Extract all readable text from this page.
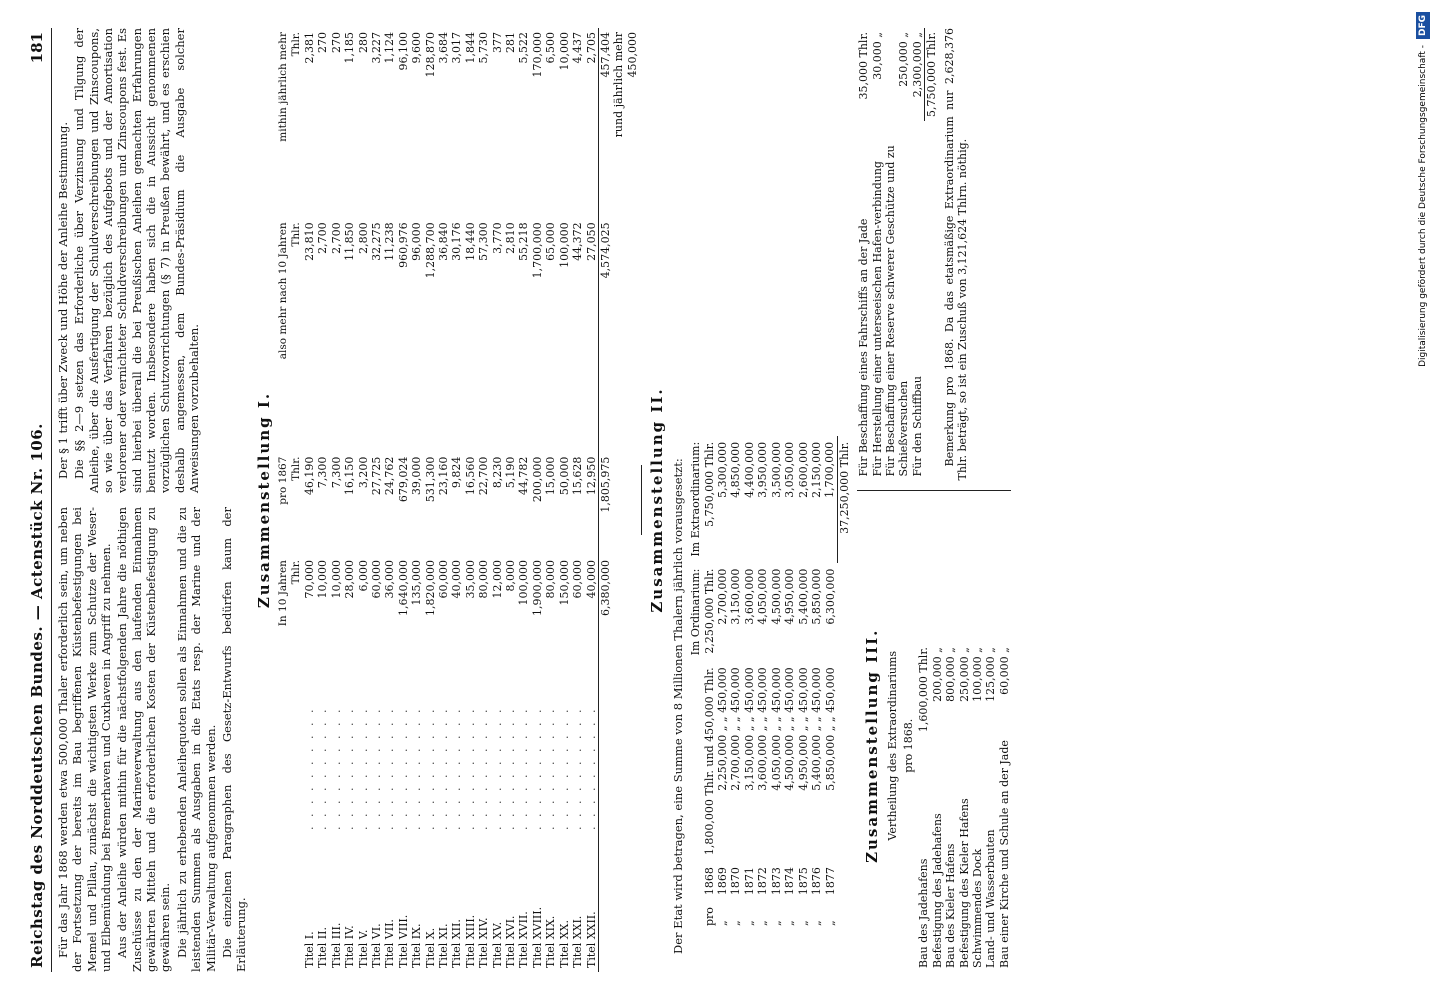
Digitalisierung gefördert durch die Deutsche Forschungsgemeinschaft -DFG
Reichstag des Norddeutschen Bundes. — Actenstück Nr. 106.
181

Für das Jahr 1868 werden etwa 500,000 Thaler erforderlich sein, um neben der Fortsetzung der bereits im Bau begriffenen Küstenbefestigungen bei Memel und Pillau, zunächst die wichtigsten Werke zum Schutze der Weser- und Elbemündung bei Bremerhaven und Cuxhaven in Angriff zu nehmen. Aus der Anleihe würden mithin für die nächstfolgenden Jahre die nöthigen Zuschüsse zu den der Marineverwaltung aus den laufenden Einnahmen gewährten Mitteln und die erforderlichen Kosten der Küstenbefestigung zu gewähren sein. Die jährlich zu erhebenden Anleihequoten sollen als Einnahmen und die zu leistenden Summen als Ausgaben in die Etats resp. der Marine und der Militär-Verwaltung aufgenommen werden. Die einzelnen Paragraphen des Gesetz-Entwurfs bedürfen kaum der Erläuterung.

Der § 1 trifft über Zweck und Höhe der Anleihe Bestimmung. Die §§ 2—9 setzen das Erforderliche über Verzinsung und Tilgung der Anleihe, über die Ausfertigung der Schuldverschreibungen und Zinscoupons, so wie über das Verfahren bezüglich des Aufgebots und der Amortisation verlorener oder vernichteter Schuldverschreibungen und Zinscoupons fest. Es sind hierbei überall die bei Preußischen Anleihen gemachten Erfahrungen benutzt worden. Insbesondere haben sich die in Aussicht genommenen vorzüglichen Schutzvorrichtungen (§ 7) in Preußen bewährt, und es erschien deshalb angemessen, dem Bundes-Präsidium die Ausgabe solcher Anweisungen vorzubehalten.	Zusammenstellung I.
		In 10 Jahren	pro 1867	also mehr nach 10 Jahren	mithin jährlich mehr
		Thlr.	Thlr.	Thlr.	Thlr.
Titel I.	. . . . . . . . . .	70,000	46,190	23,810	2,381
Titel II.	. . . . . . . . . .	10,000	7,300	2,700	270
Titel III.	. . . . . . . . . .	10,000	7,300	2,700	270
Titel IV.	. . . . . . . . . .	28,000	16,150	11,850	1,185
Titel V.	. . . . . . . . . .	6,000	3,200	2,800	280
Titel VI.	. . . . . . . . . .	60,000	27,725	32,275	3,227
Titel VII.	. . . . . . . . . .	36,000	24,762	11,238	1,124
Titel VIII.	. . . . . . . . . .	1,640,000	679,024	960,976	96,100
Titel IX.	. . . . . . . . . .	135,000	39,000	96,000	9,600
Titel X.	. . . . . . . . . .	1,820,000	531,300	1,288,700	128,870
Titel XI.	. . . . . . . . . .	60,000	23,160	36,840	3,684
Titel XII.	. . . . . . . . . .	40,000	9,824	30,176	3,017
Titel XIII.	. . . . . . . . . .	35,000	16,560	18,440	1,844
Titel XIV.	. . . . . . . . . .	80,000	22,700	57,300	5,730
Titel XV.	. . . . . . . . . .	12,000	8,230	3,770	377
Titel XVI.	. . . . . . . . . .	8,000	5,190	2,810	281
Titel XVII.	. . . . . . . . . .	100,000	44,782	55,218	5,522
Titel XVIII.	. . . . . . . . . .	1,900,000	200,000	1,700,000	170,000
Titel XIX.	. . . . . . . . . .	80,000	15,000	65,000	6,500
Titel XX.	. . . . . . . . . .	150,000	50,000	100,000	10,000
Titel XXI.	. . . . . . . . . .	60,000	15,628	44,372	4,437
Titel XXII.	. . . . . . . . . .	40,000	12,950	27,050	2,705
		6,380,000	1,805,975	4,574,025	457,404
					rund jährlich mehr
					450,000
Zusammenstellung II. Der Etat wird betragen, eine Summe von 8 Millionen Thalern jährlich vorausgesetzt:
			Im Ordinarium:	Im Extraordinarium:
pro	1868	1,800,000 Thlr. und 450,000 Thlr.	2,250,000 Thlr.	5,750,000 Thlr.
„	1869	2,250,000 „ „ 450,000	2,700,000	5,300,000
„	1870	2,700,000 „ „ 450,000	3,150,000	4,850,000
„	1871	3,150,000 „ „ 450,000	3,600,000	4,400,000
„	1872	3,600,000 „ „ 450,000	4,050,000	3,950,000
„	1873	4,050,000 „ „ 450,000	4,500,000	3,500,000
„	1874	4,500,000 „ „ 450,000	4,950,000	3,050,000
„	1875	4,950,000 „ „ 450,000	5,400,000	2,600,000
„	1876	5,400,000 „ „ 450,000	5,850,000	2,150,000
„	1877	5,850,000 „ „ 450,000	6,300,000	1,700,000
				37,250,000 Thlr.
Zusammenstellung III. Vertheilung des Extraordinariums pro 1868.
Bau des Jadehafens	1,600,000 Thlr.
Befestigung des Jadehafens	200,000 „
Bau des Kieler Hafens	800,000 „
Befestigung des Kieler Hafens	250,000 „
Schwimmendes Dock	100,000 „
Land- und Wasserbauten	125,000 „
Bau einer Kirche und Schule an der Jade	60,000 „
Für Beschaffung eines Fahrschiffs an der Jade	35,000 Thlr.
Für Herstellung einer unterseeischen Hafen-verbindung	30,000 „
Für Beschaffung einer Reserve schwerer Geschütze und zu Schießversuchen	250,000 „
Für den Schiffbau	2,300,000 „
	5,750,000 Thlr. Bemerkung pro 1868. Da das etatsmäßige Extraordinarium nur 2,628,376 Thlr. beträgt, so ist ein Zuschuß von 3,121,624 Thlrn. nöthig.
